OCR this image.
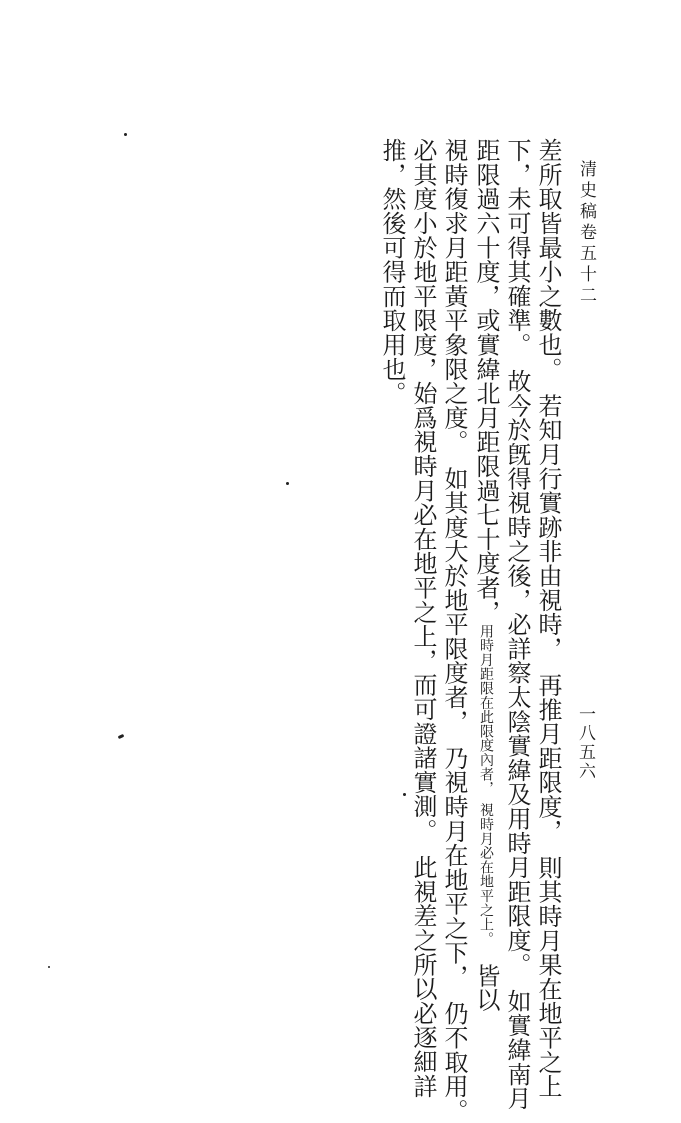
清史稿卷五十二
一八五六
差所取皆最小之數也。　若知月行實跡非由視時，　再推月距限度，　則其時月果在地平之上
下，未可得其確準。　故今於旣得視時之後，必詳察太陰實緯及用時月距限度。　如實緯南月
距限過六十度，或實緯北月距限過七十度者，用時月距限在此限度內者，　視時月必在地平之上。　皆以
視時復求月距黃平象限之度。　如其度大於地平限度者，　乃視時月在地平之下，　仍不取用。
必其度小於地平限度，始爲視時月必在地平之上，而可證諸實測。　此視差之所以必逐細詳
推，然後可得而取用也。
